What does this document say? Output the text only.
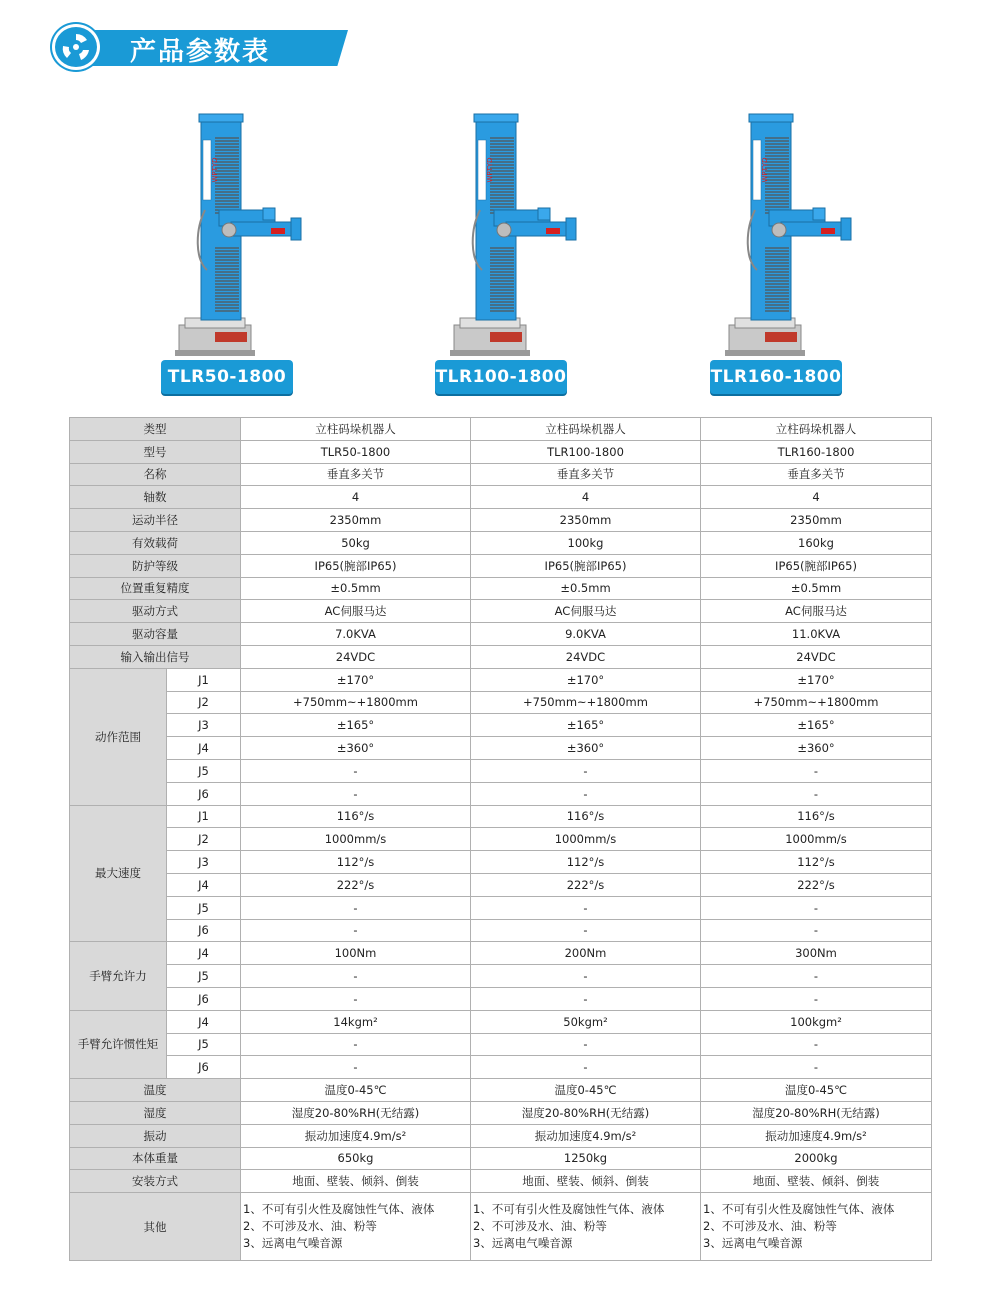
产品参数表
WPTYD
TLR50-1800
WPTYD
TLR100-1800
WPTYD
TLR160-1800
类型		立柱码垛机器人	立柱码垛机器人	立柱码垛机器人
型号		TLR50-1800	TLR100-1800	TLR160-1800
名称		垂直多关节	垂直多关节	垂直多关节
轴数		4	4	4
运动半径		2350mm	2350mm	2350mm
有效载荷		50kg	100kg	160kg
防护等级		IP65(腕部IP65)	IP65(腕部IP65)	IP65(腕部IP65)
位置重复精度		±0.5mm	±0.5mm	±0.5mm
驱动方式		AC伺服马达	AC伺服马达	AC伺服马达
驱动容量		7.0KVA	9.0KVA	11.0KVA
输入输出信号		24VDC	24VDC	24VDC
动作范围	J1	±170°	±170°	±170°
	J2	+750mm~+1800mm	+750mm~+1800mm	+750mm~+1800mm
	J3	±165°	±165°	±165°
	J4	±360°	±360°	±360°
	J5	-	-	-
	J6	-	-	-
最大速度	J1	116°/s	116°/s	116°/s
	J2	1000mm/s	1000mm/s	1000mm/s
	J3	112°/s	112°/s	112°/s
	J4	222°/s	222°/s	222°/s
	J5	-	-	-
	J6	-	-	-
手臂允许力	J4	100Nm	200Nm	300Nm
	J5	-	-	-
	J6	-	-	-
手臂允许惯性矩	J4	14kgm²	50kgm²	100kgm²
	J5	-	-	-
	J6	-	-	-
温度		温度0-45℃	温度0-45℃	温度0-45℃
湿度		湿度20-80%RH(无结露)	湿度20-80%RH(无结露)	湿度20-80%RH(无结露)
振动		振动加速度4.9m/s²	振动加速度4.9m/s²	振动加速度4.9m/s²
本体重量		650kg	1250kg	2000kg
安装方式		地面、壁装、倾斜、倒装	地面、壁装、倾斜、倒装	地面、壁装、倾斜、倒装
其他		1、不可有引火性及腐蚀性气体、液体
2、不可涉及水、油、粉等
3、远离电气噪音源	1、不可有引火性及腐蚀性气体、液体
2、不可涉及水、油、粉等
3、远离电气噪音源	1、不可有引火性及腐蚀性气体、液体
2、不可涉及水、油、粉等
3、远离电气噪音源
